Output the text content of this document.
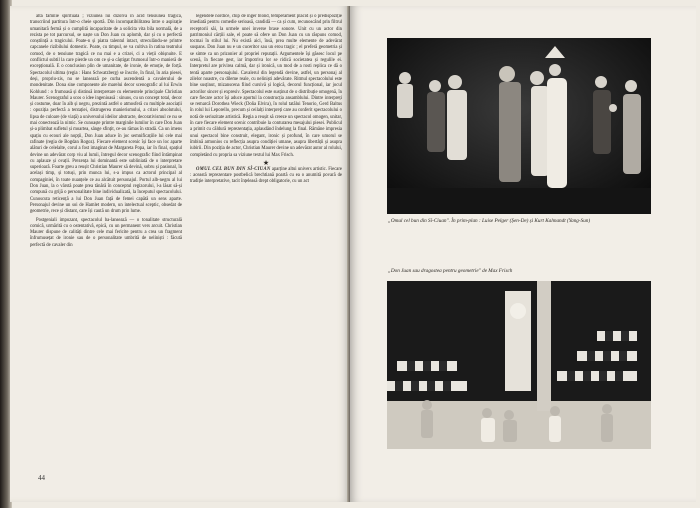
altă familie spirituală ; viziunea lui dizolvă în acid tensiunea tragică, transcriind partitura într-o cheie sportă. Din incompatibilitatea între o aspirație umanitară fermă și o cumplită incapacitate de a solicita vita bila normală, de a rezista pe tot parcursul, se naște un Don Juan cu aplomb, dar și cu o perfectă conștiință a tragicului. Poate-n și piatra talentul intact, streculându-se printre capcanele rizibilului domestic. Poate, cu timpul, se va cultiva în ratina teatrului comod, de o tensiune tragică ce nu mai e a crizei, ci a vieții obișnuite. E conflictul subtil la care pierde un om ce și-a câștigat frumosul într-o manieră de excepțională. E o conclusion plin de umanitate, de ironie, de emoție, de forță. Spectacolul ultima (regia : Hans Schwatzberg) se înscrie, în final, în aria piesei, deși, propriu-zis, nu se lansează pe curba ascendentă a cavalerului de mondenitate. Dona sine componente ale marelui decor scenografic al lui Erwin Kohlund : o frumoasă și distinsă interpretare cu elementele principale Christian Maurer. Scenograful a scos o idee ingenioasă : sinuos, cu un concept total, decor și costume, doar în alb și negru, prezintă astfel o atmosferă cu multiple asociații : opoziția perfectă a tentației, distrugerea manierismului, a crizei absolutului, lipsa de culoare (de viață) a universului ideilor abstracte, decorativismul ce nu se mai conectează la nimic. Se cunoaște printre marginile lumilor în care Don Juan și-a plimbat sufletul și moartea, sânge sfințit, ce-au rămas în stradă. Ca un imens spațiu cu ecouri ale nopții, Don Juan aduce în joc semnificațiile lui cele mai rafinate (regia de Bogdan Rogoz). Fiecare element scenic își face un loc aparte alături de celelalte, corul a fost imaginat de Margareta Popa, iar în final, spațiul devine un adevărat corp viu al lumii, întregul decor scenografic fiind întâmpinat cu aplauze și ovații. Prezența lui dominantă este subliniată de o interpretare superioară. Foarte greu a reușit Christian Maurer să devină, sobru și pasional, în același timp, și totuși, prin munca lui, s-a impus ca actorul principal al compaginiei, în toate nuanțele ce au alcătuit personajul. Portul alb-negru al lui Don Juan, la o vârstă poate prea tânără în conceptul regizorului, l-a lăsat să-și compună cu grijă o personalitate bine individualizată, la începutul spectacolului. Cunoscuta reticență a lui Don Juan față de femei capătă un sens aparte. Personajul devine un soi de Hamlet modern, un intelectual sceptic, obsedat de geometrie, rece și distant, care își caută un drum prin lume.

Postgeniali impozant, spectacolul ba-lansează — o tonalitate structurală comică, urmărită cu o ostentativă, epică, cu un permanent vers arcuit. Christian Maurer dispune de calități dintre cele mai fericite pentru a crea un fragment înfrumusețat de ironie sau de o personalitate umbrită de neliniști : făcută perfectă de cavaler din

legendele nordice, chip de înger blond, temperament placid și o predispoziție imediată pentru comedie serioasă, candidă — ca și cum, recunoscând prin filtrul receptorii săi, la urmele unei inverse brase sonore. Unit cu un actor din patrimoniul cărțiii sale, el poate să ofere un Don Juan cu un răspuns comod, tocmai în stilul lui. Nu există aici, însă, prea multe elemente de adevărat suspans. Don Juan nu e un cuceritor sau un erou tragic ; el preferă geometria și se simte ca un prizonier al propriei reputații. Argumentele își găsesc locul pe scenă, în fiecare gest, iar împotriva lor se ridică societatea și regulile ei. Interpretul are privirea calmă, dar și ironică, un mod de a rosti replica ce dă o tentă aparte personajului. Cavalerul din legendă devine, astfel, un personaj al zilelor noastre, cu dileme reale, cu neliniști adevărate. Ritmul spectacolului este bine susținut, mizanscena fiind cursivă și logică, decorul funcțional, iar jocul actorilor sincer și expresiv. Spectacolul este susținut de o distribuție omogenă, în care fiecare actor își aduce aportul la construcția ansamblului. Dintre interpreți se remarcă Dorothea Wieck (Doña Elvira), în rolul tatălui Tenorio, Gerd Baltus în rolul lui Leporello, precum și ceilalți interpreți care au conferit spectacolului o notă de seriozitate artistică. Regia a reușit să creeze un spectacol omogen, unitar, în care fiecare element scenic contribuie la conturarea mesajului piesei. Publicul a primit cu căldură reprezentația, aplaudând îndelung la final. Rămâne impresia unui spectacol bine construit, elegant, ironic și profund, în care umorul se îmbină armonios cu reflecția asupra condiției umane, asupra libertății și asupra iubirii. Din poziția de actor, Christian Maurer devine un adevărat autor al rolului, completând cu propria sa viziune textul lui Max Frisch.

★

OMUL CEL BUN DIN SÎ-CIUAN aparține altui univers artistic. Fiecare : această reprezentare postbelică brechtiană poartă cu ea o anumită povară de tradiție interpretative, tacit înțeleasă drept obligatorie, cu un act

44
„Omul cel bun din Sî-Ciuan". În prim-plan : Luise Pelger (Șen-De) și Kurt Kalmandt (Yang-Sun)
„Don Juan sau dragostea pentru geometrie" de Max Frisch
